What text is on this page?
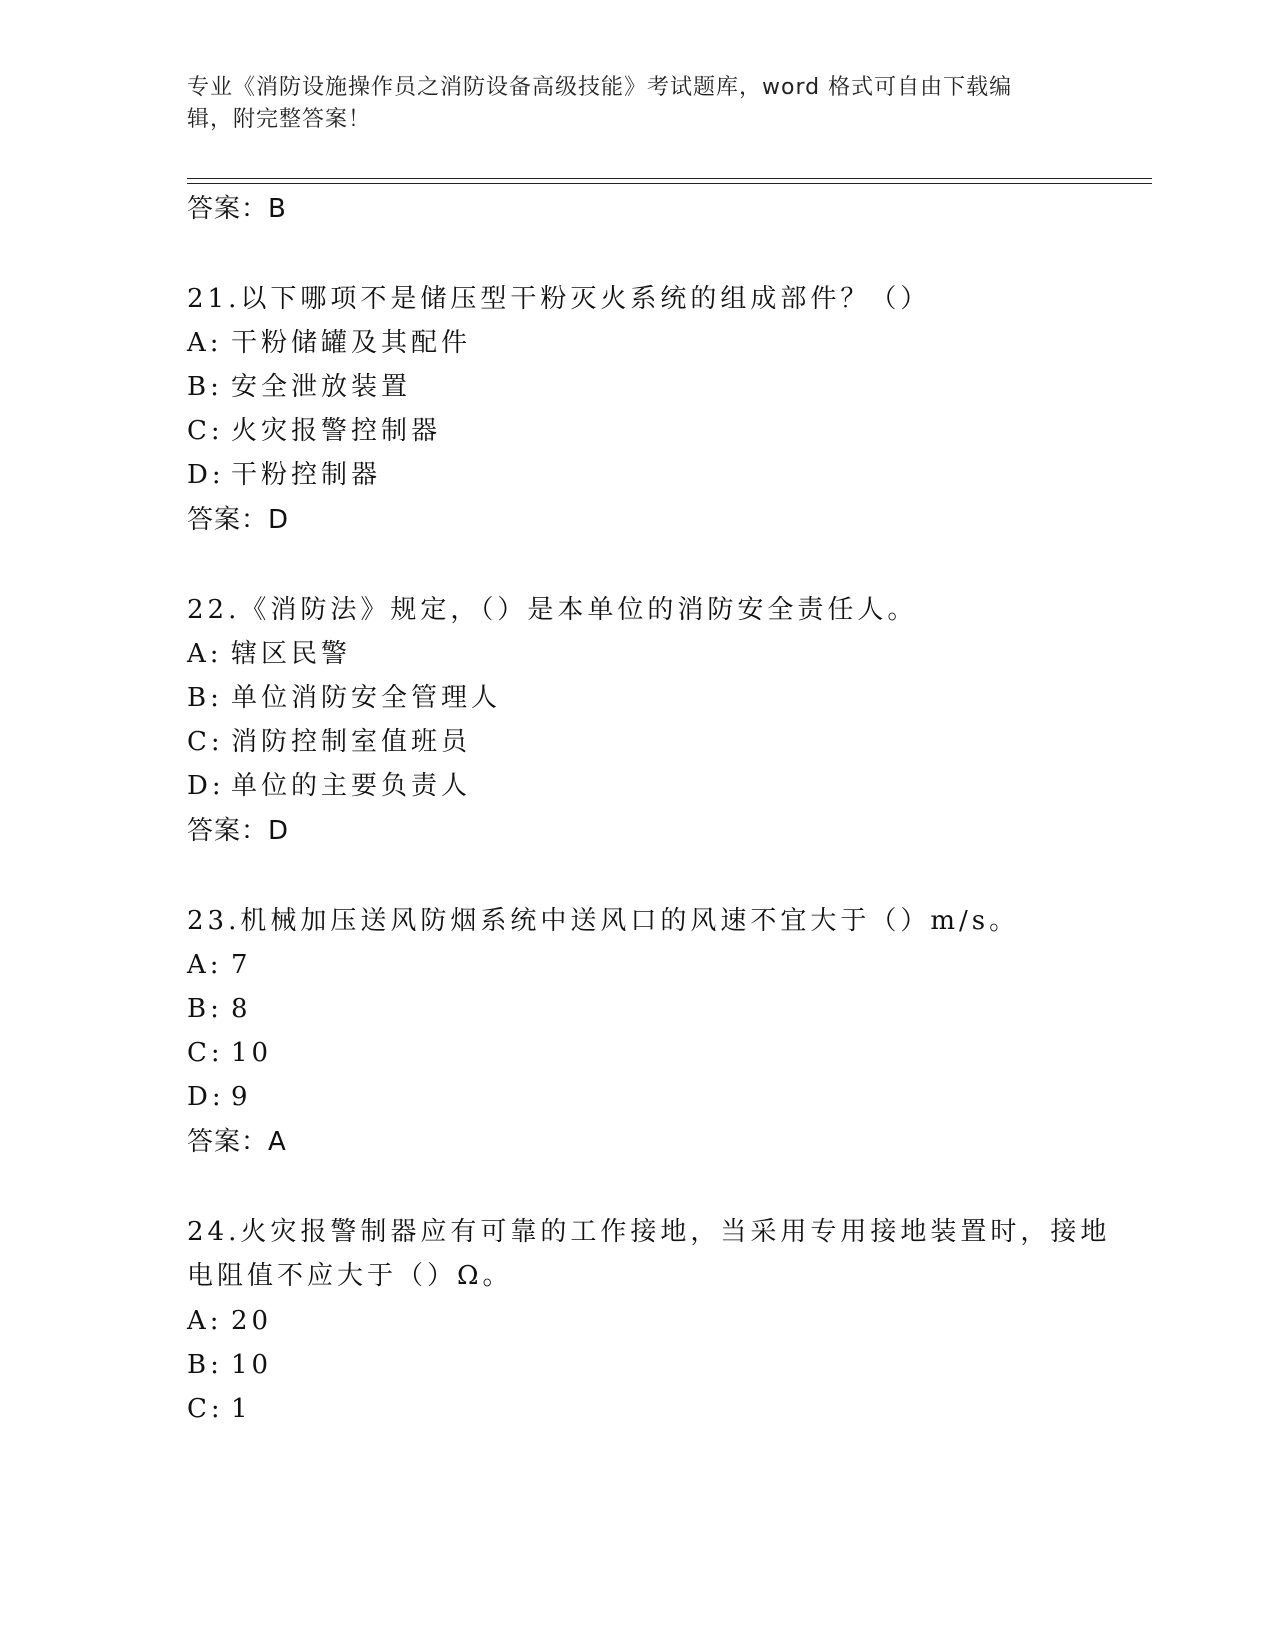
专业《消防设施操作员之消防设备高级技能》考试题库，word 格式可自由下载编
辑，附完整答案！
答案：B
21.以下哪项不是储压型干粉灭火系统的组成部件？（）
A: 干粉储罐及其配件
B: 安全泄放装置
C: 火灾报警控制器
D: 干粉控制器
答案：D
22.《消防法》规定，（）是本单位的消防安全责任人。
A: 辖区民警
B: 单位消防安全管理人
C: 消防控制室值班员
D: 单位的主要负责人
答案：D
23.机械加压送风防烟系统中送风口的风速不宜大于（）m/s。
A: 7
B: 8
C: 10
D: 9
答案：A
24.火灾报警制器应有可靠的工作接地，当采用专用接地装置时，接地
电阻值不应大于（）Ω。
A: 20
B: 10
C: 1
